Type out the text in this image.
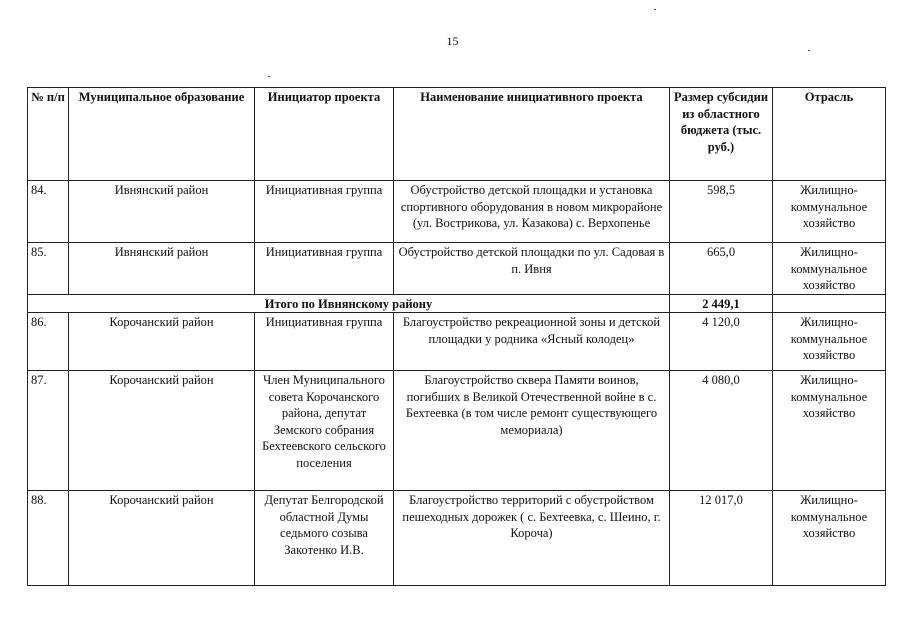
15
№ п/п	Муниципальное образование	Инициатор проекта	Наименование инициативного проекта	Размер субсидии из областного бюджета (тыс. руб.)	Отрасль
84.	Ивнянский район	Инициативная группа	Обустройство детской площадки и установка спортивного оборудования в новом микрорайоне (ул. Вострикова, ул. Казакова) с. Верхопенье	598,5	Жилищно-коммунальное хозяйство
85.	Ивнянский район	Инициативная группа	Обустройство детской площадки по ул. Садовая в п. Ивня	665,0	Жилищно-коммунальное хозяйство
Итого по Ивнянскому району				2 449,1	
86.	Корочанский район	Инициативная группа	Благоустройство рекреационной зоны и детской площадки у родника «Ясный колодец»	4 120,0	Жилищно-коммунальное хозяйство
87.	Корочанский район	Член Муниципального совета Корочанского района, депутат Земского собрания Бехтеевского сельского поселения	Благоустройство сквера Памяти воинов, погибших в Великой Отечественной войне в с. Бехтеевка (в том числе ремонт существующего мемориала)	4 080,0	Жилищно-коммунальное хозяйство
88.	Корочанский район	Депутат Белгородской областной Думы седьмого созыва Закотенко И.В.	Благоустройство территорий с обустройством пешеходных дорожек ( с. Бехтеевка, с. Шеино, г. Короча)	12 017,0	Жилищно-коммунальное хозяйство
